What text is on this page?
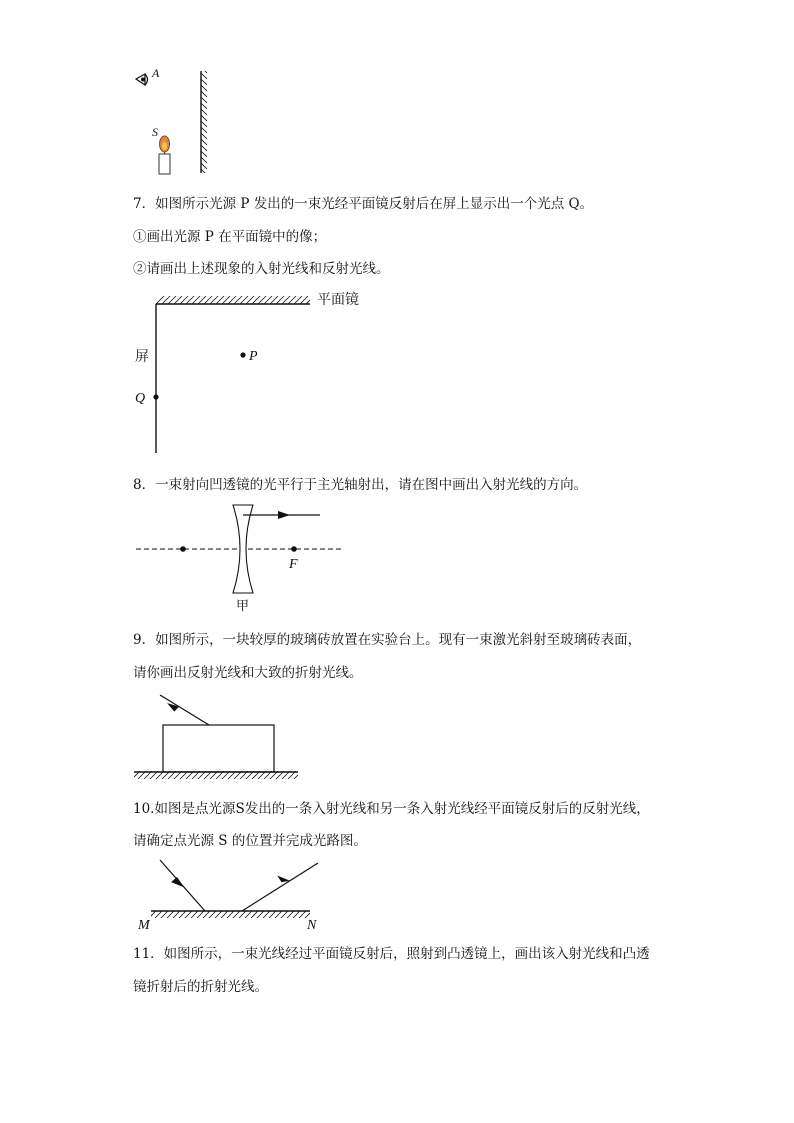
A
S
7．如图所示光源 P 发出的一束光经平面镜反射后在屏上显示出一个光点 Q。
①画出光源 P 在平面镜中的像；
②请画出上述现象的入射光线和反射光线。
平面镜
屏	P
Q
8．一束射向凹透镜的光平行于主光轴射出，请在图中画出入射光线的方向。
F
甲
9．如图所示，一块较厚的玻璃砖放置在实验台上。现有一束激光斜射至玻璃砖表面，
请你画出反射光线和大致的折射光线。
10.如图是点光源S发出的一条入射光线和另一条入射光线经平面镜反射后的反射光线，
请确定点光源 S 的位置并完成光路图。
M	N
11．如图所示，一束光线经过平面镜反射后，照射到凸透镜上，画出该入射光线和凸透
镜折射后的折射光线。
